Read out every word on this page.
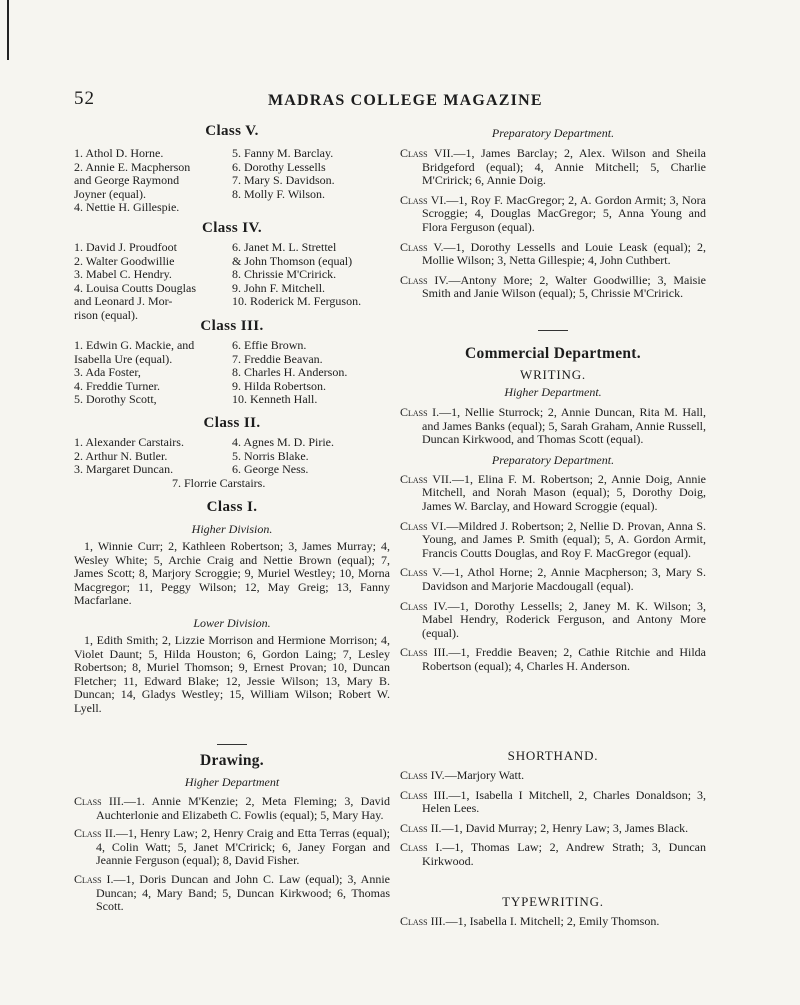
52	MADRAS COLLEGE MAGAZINE
Class V.
1. Athol D. Horne.	5. Fanny M. Barclay.
2. Annie E. Macpherson	6. Dorothy Lessells
and George Raymond	7. Mary S. Davidson.
Joyner (equal).	8. Molly F. Wilson.
4. Nettie H. Gillespie.
Class IV.
1. David J. Proudfoot	6. Janet M. L. Strettel
2. Walter Goodwillie	& John Thomson (equal)
3. Mabel C. Hendry.	8. Chrissie M'Cririck.
4. Louisa Coutts Douglas	9. John F. Mitchell.
and Leonard J. Mor-	10. Roderick M. Ferguson.
rison (equal).
Class III.
1. Edwin G. Mackie, and	6. Effie Brown.
Isabella Ure (equal).	7. Freddie Beavan.
3. Ada Foster,	8. Charles H. Anderson.
4. Freddie Turner.	9. Hilda Robertson.
5. Dorothy Scott,	10. Kenneth Hall.
Class II.
1. Alexander Carstairs.	4. Agnes M. D. Pirie.
2. Arthur N. Butler.	5. Norris Blake.
3. Margaret Duncan.	6. George Ness.
7. Florrie Carstairs.
Class I.
Higher Division.
1, Winnie Curr; 2, Kathleen Robertson; 3, James Murray; 4, Wesley White; 5, Archie Craig and Nettie Brown (equal); 7, James Scott; 8, Marjory Scroggie; 9, Muriel Westley; 10, Morna Macgregor; 11, Peggy Wilson; 12, May Greig; 13, Fanny Macfarlane.
Lower Division.
1, Edith Smith; 2, Lizzie Morrison and Hermione Morrison; 4, Violet Daunt; 5, Hilda Houston; 6, Gordon Laing; 7, Lesley Robertson; 8, Muriel Thomson; 9, Ernest Provan; 10, Duncan Fletcher; 11, Edward Blake; 12, Jessie Wilson; 13, Mary B. Duncan; 14, Gladys Westley; 15, William Wilson; Robert W. Lyell.
Drawing.
Higher Department
Class III.—1. Annie M'Kenzie; 2, Meta Fleming; 3, David Auchterlonie and Elizabeth C. Fowlis (equal); 5, Mary Hay.
Class II.—1, Henry Law; 2, Henry Craig and Etta Terras (equal); 4, Colin Watt; 5, Janet M'Cririck; 6, Janey Forgan and Jeannie Ferguson (equal); 8, David Fisher.
Class I.—1, Doris Duncan and John C. Law (equal); 3, Annie Duncan; 4, Mary Band; 5, Duncan Kirkwood; 6, Thomas Scott.
Preparatory Department.
Class VII.—1, James Barclay; 2, Alex. Wilson and Sheila Bridgeford (equal); 4, Annie Mitchell; 5, Charlie M'Cririck; 6, Annie Doig.
Class VI.—1, Roy F. MacGregor; 2, A. Gordon Armit; 3, Nora Scroggie; 4, Douglas MacGregor; 5, Anna Young and Flora Ferguson (equal).
Class V.—1, Dorothy Lessells and Louie Leask (equal); 2, Mollie Wilson; 3, Netta Gillespie; 4, John Cuthbert.
Class IV.—Antony More; 2, Walter Goodwillie; 3, Maisie Smith and Janie Wilson (equal); 5, Chrissie M'Cririck.
Commercial Department.
WRITING.
Higher Department.
Class I.—1, Nellie Sturrock; 2, Annie Duncan, Rita M. Hall, and James Banks (equal); 5, Sarah Graham, Annie Russell, Duncan Kirkwood, and Thomas Scott (equal).
Preparatory Department.
Class VII.—1, Elina F. M. Robertson; 2, Annie Doig, Annie Mitchell, and Norah Mason (equal); 5, Dorothy Doig, James W. Barclay, and Howard Scroggie (equal).
Class VI.—Mildred J. Robertson; 2, Nellie D. Provan, Anna S. Young, and James P. Smith (equal); 5, A. Gordon Armit, Francis Coutts Douglas, and Roy F. MacGregor (equal).
Class V.—1, Athol Horne; 2, Annie Macpherson; 3, Mary S. Davidson and Marjorie Macdougall (equal).
Class IV.—1, Dorothy Lessells; 2, Janey M. K. Wilson; 3, Mabel Hendry, Roderick Ferguson, and Antony More (equal).
Class III.—1, Freddie Beaven; 2, Cathie Ritchie and Hilda Robertson (equal); 4, Charles H. Anderson.
SHORTHAND.
Class IV.—Marjory Watt.
Class III.—1, Isabella I Mitchell, 2, Charles Donaldson; 3, Helen Lees.
Class II.—1, David Murray; 2, Henry Law; 3, James Black.
Class I.—1, Thomas Law; 2, Andrew Strath; 3, Duncan Kirkwood.
TYPEWRITING.
Class III.—1, Isabella I. Mitchell; 2, Emily Thomson.
